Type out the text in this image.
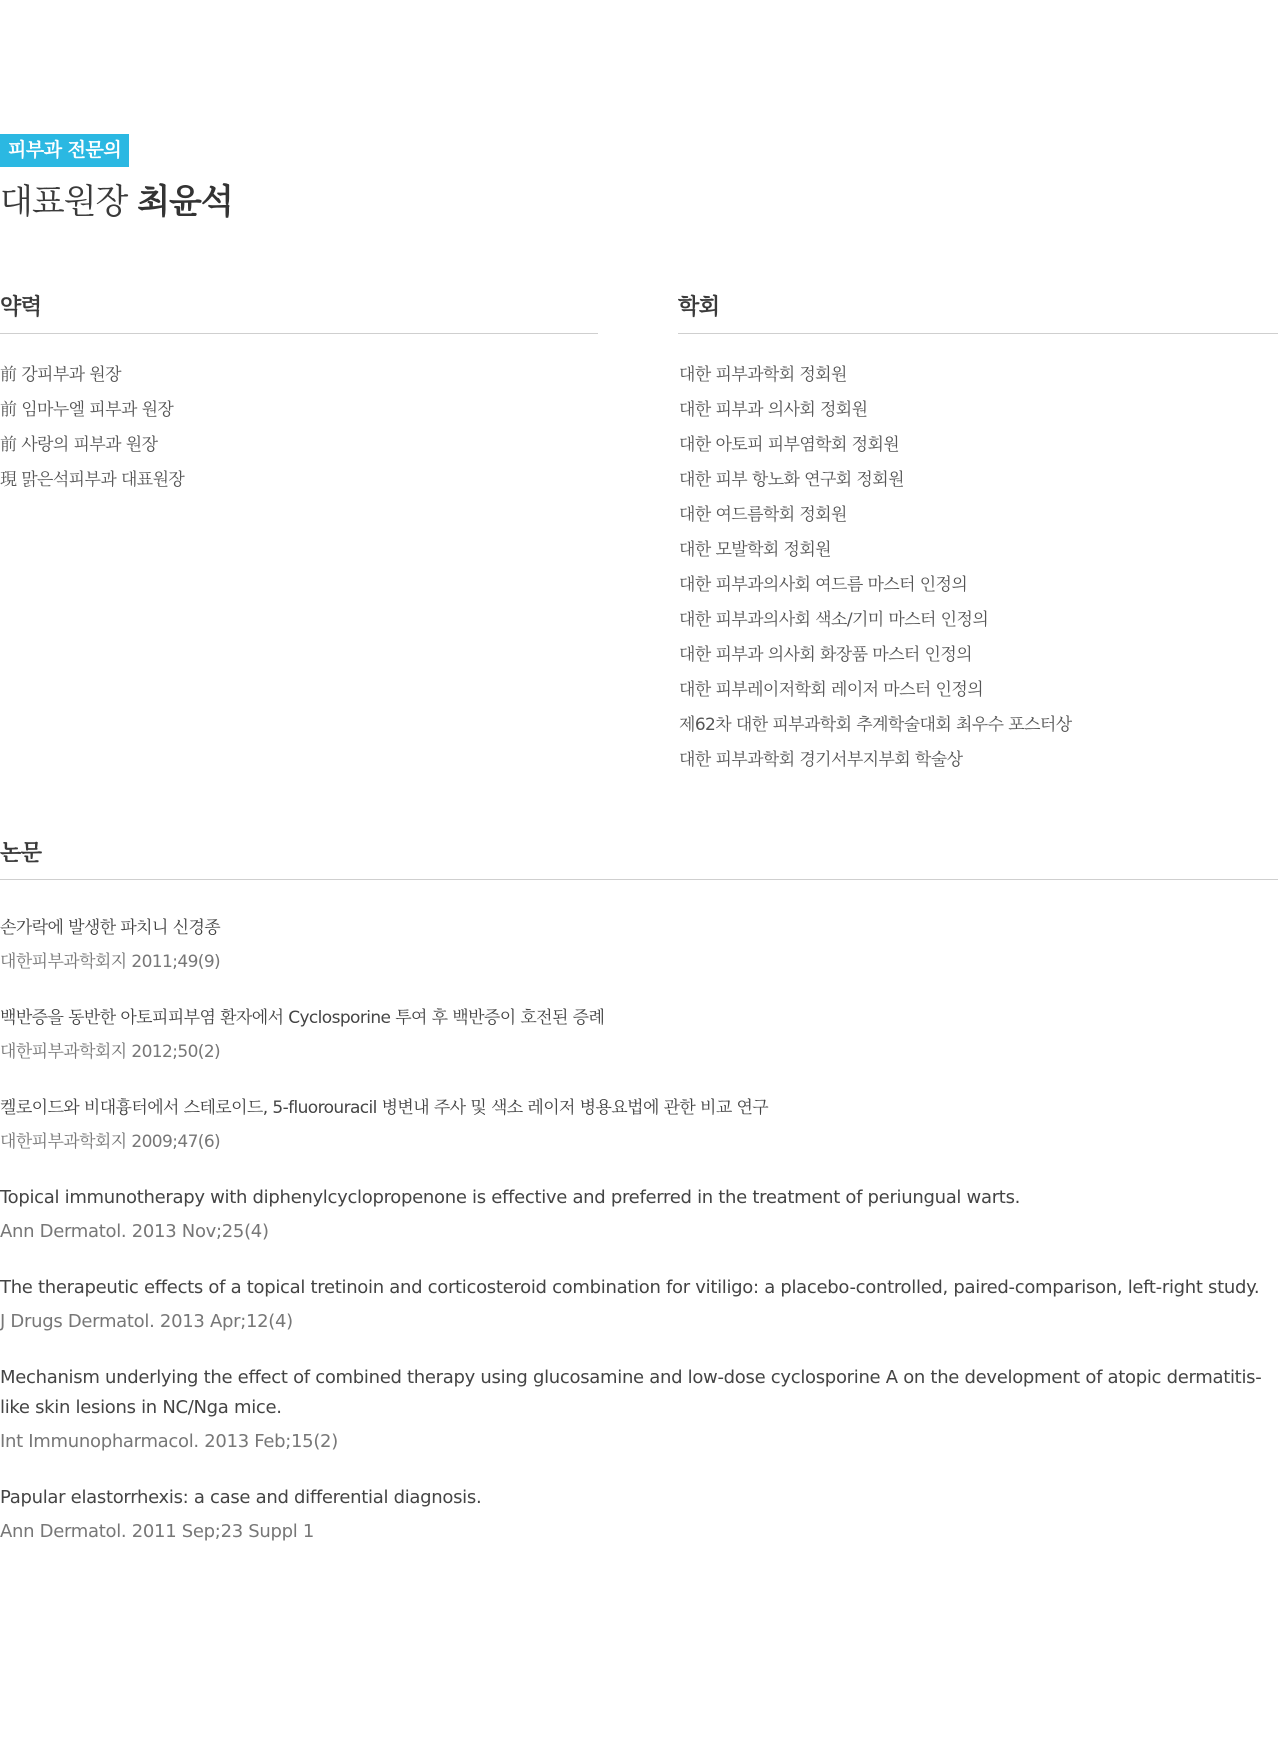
피부과 전문의
대표원장 최윤석
약력
前 강피부과 원장
前 임마누엘 피부과 원장
前 사랑의 피부과 원장
現 맑은석피부과 대표원장
학회
대한 피부과학회 정회원
대한 피부과 의사회 정회원
대한 아토피 피부염학회 정회원
대한 피부 항노화 연구회 정회원
대한 여드름학회 정회원
대한 모발학회 정회원
대한 피부과의사회 여드름 마스터 인정의
대한 피부과의사회 색소/기미 마스터 인정의
대한 피부과 의사회 화장품 마스터 인정의
대한 피부레이저학회 레이저 마스터 인정의
제62차 대한 피부과학회 추계학술대회 최우수 포스터상
대한 피부과학회 경기서부지부회 학술상
논문
손가락에 발생한 파치니 신경종
대한피부과학회지 2011;49(9)
백반증을 동반한 아토피피부염 환자에서 Cyclosporine 투여 후 백반증이 호전된 증례
대한피부과학회지 2012;50(2)
켈로이드와 비대흉터에서 스테로이드, 5-fluorouracil 병변내 주사 및 색소 레이저 병용요법에 관한 비교 연구
대한피부과학회지 2009;47(6)
Topical immunotherapy with diphenylcyclopropenone is effective and preferred in the treatment of periungual warts.
Ann Dermatol. 2013 Nov;25(4)
The therapeutic effects of a topical tretinoin and corticosteroid combination for vitiligo: a placebo-controlled, paired-comparison, left-right study.
J Drugs Dermatol. 2013 Apr;12(4)
Mechanism underlying the effect of combined therapy using glucosamine and low-dose cyclosporine A on the development of atopic dermatitis-like skin lesions in NC/Nga mice.
Int Immunopharmacol. 2013 Feb;15(2)
Papular elastorrhexis: a case and differential diagnosis.
Ann Dermatol. 2011 Sep;23 Suppl 1
